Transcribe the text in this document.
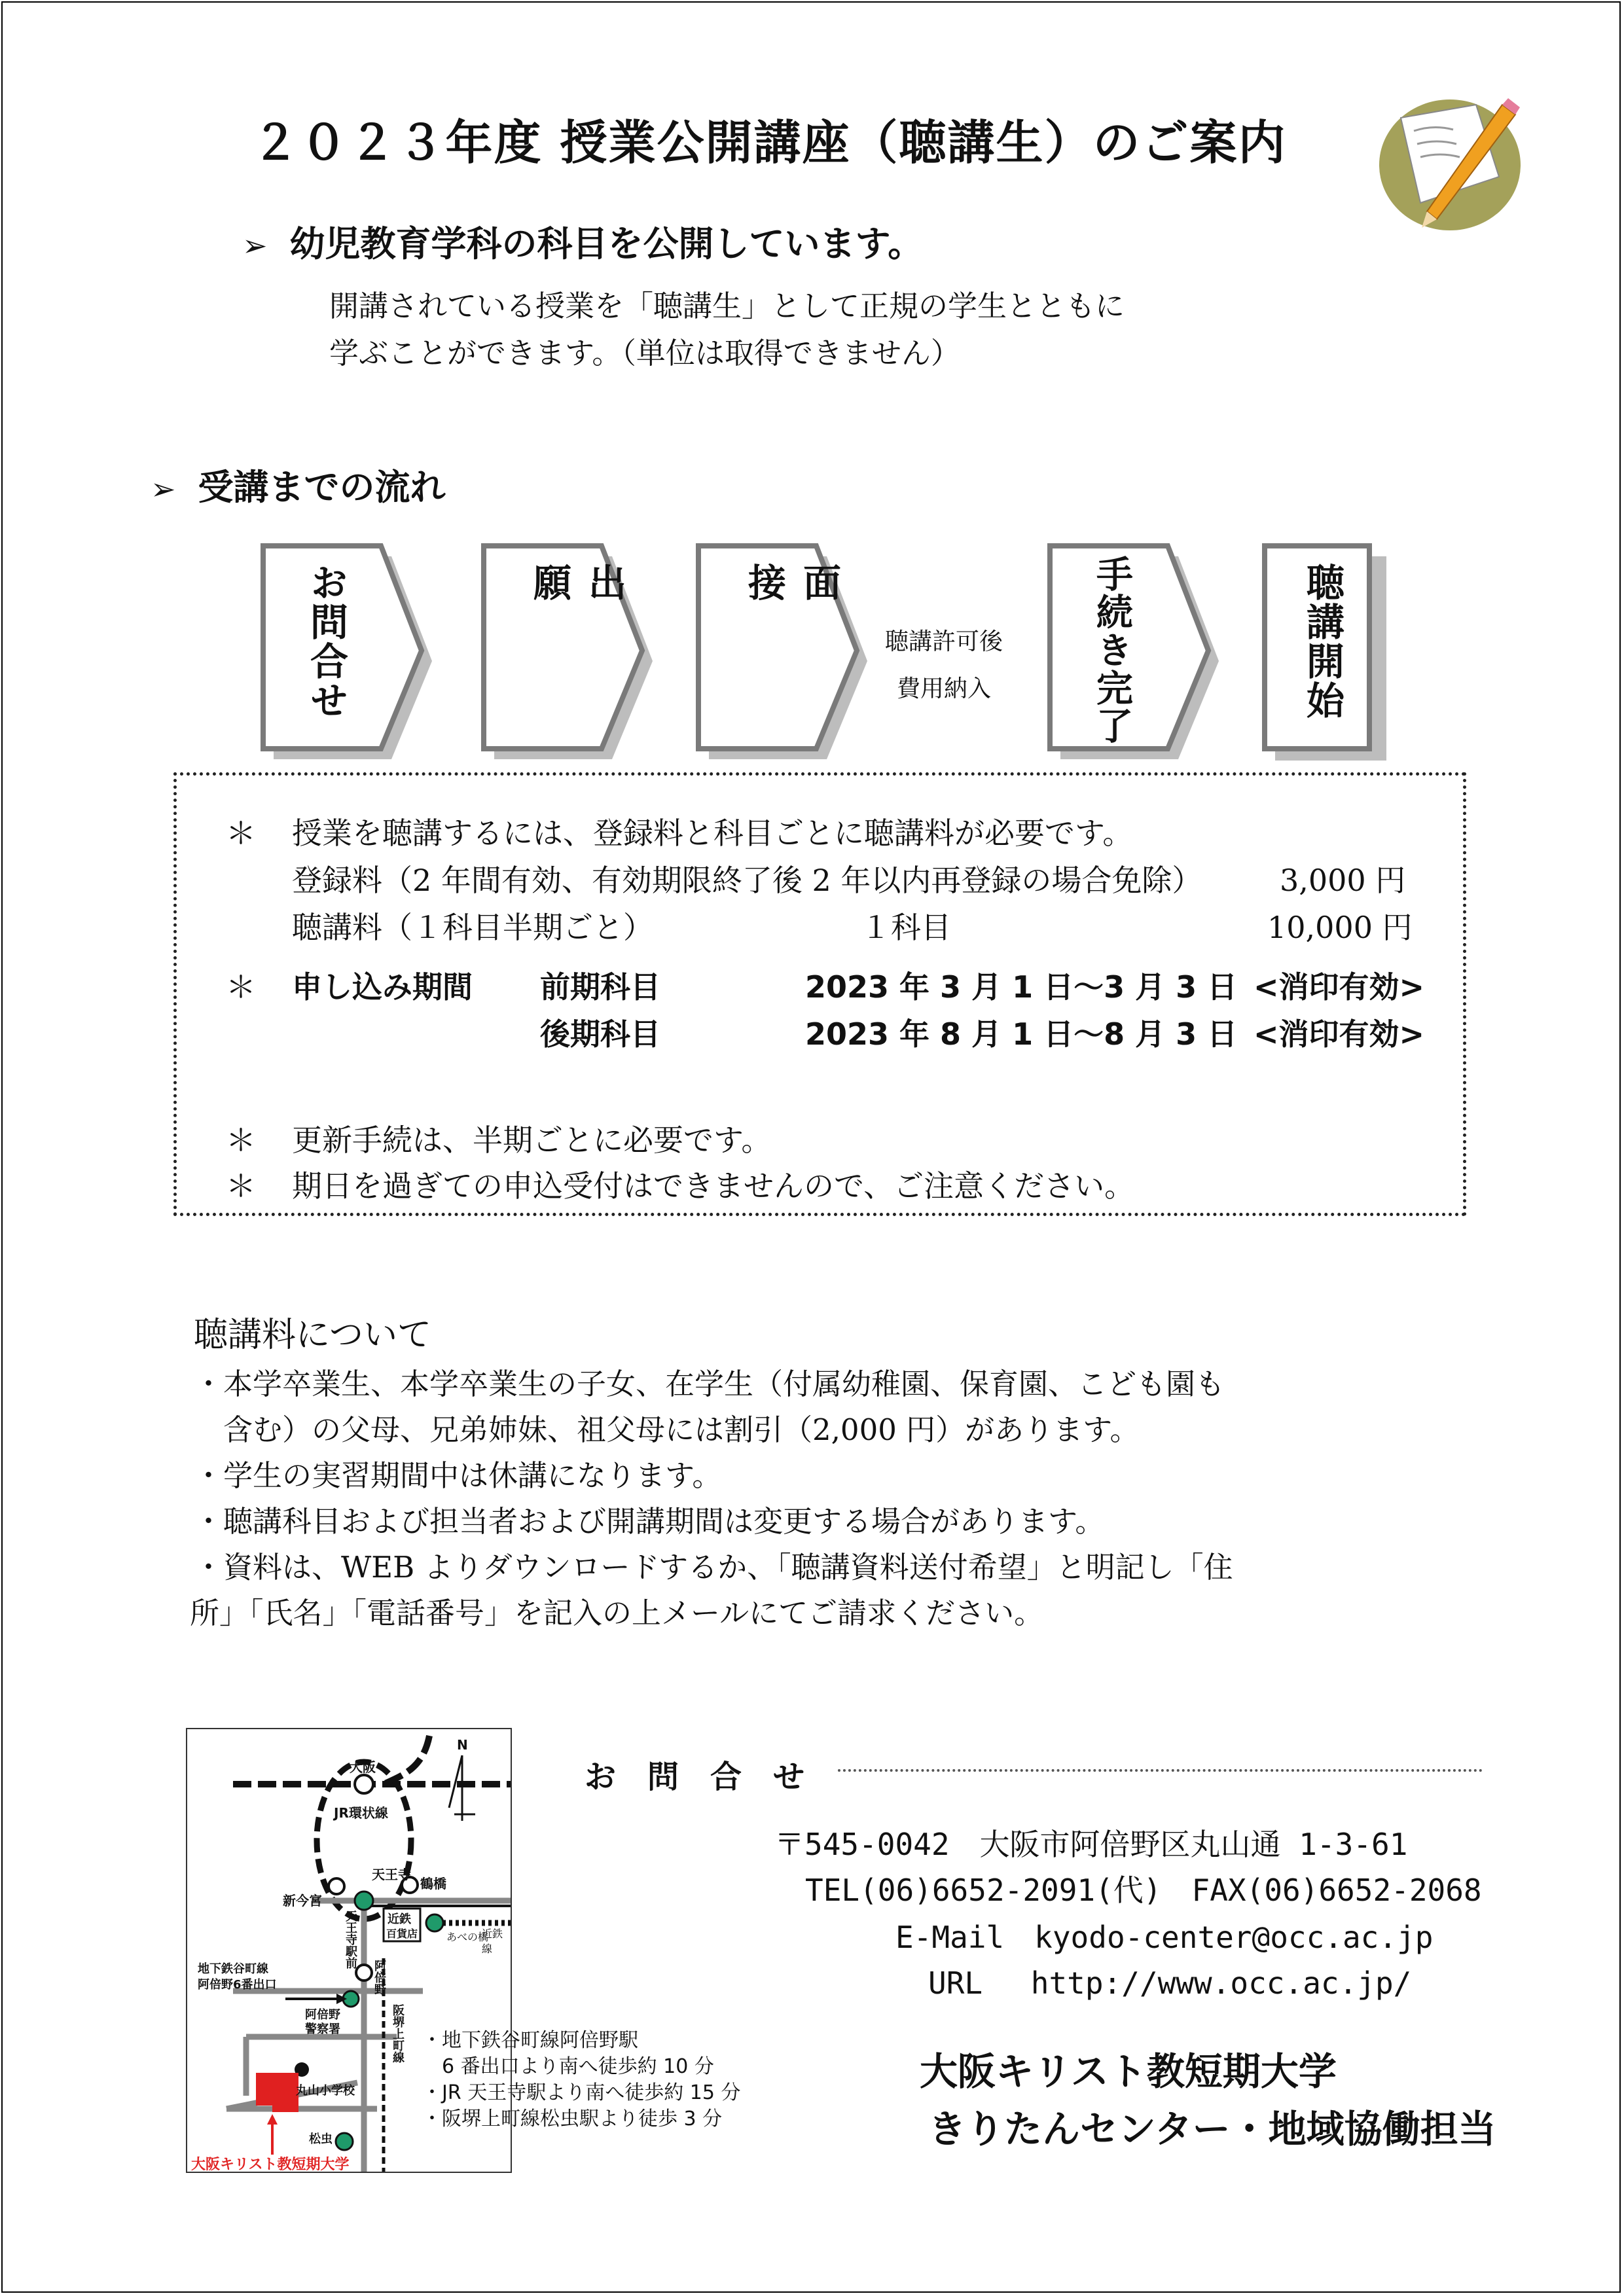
２０２３年度 授業公開講座（聴講生）のご案内
➢ 幼児教育学科の科目を公開しています。
開講されている授業を「聴講生」として正規の学生とともに
学ぶことができます。（単位は取得できません）
➢ 受講までの流れ
お問合せ	出　願	面　接
聴講許可後
費用納入	手続き完了	聴講開始
＊ 授業を聴講するには、登録料と科目ごとに聴講料が必要です。
登録料（2 年間有効、有効期限終了後 2 年以内再登録の場合免除）	3,000 円
聴講料（１科目半期ごと）	１科目	10,000 円
＊ 申し込み期間 前期科目	2023 年 3 月 1 日～3 月 3 日 <消印有効>
後期科目	2023 年 8 月 1 日～8 月 3 日 <消印有効>
＊ 更新手続は、半期ごとに必要です。
＊ 期日を過ぎての申込受付はできませんので、ご注意ください。
聴講料について
・本学卒業生、本学卒業生の子女、在学生（付属幼稚園、保育園、こども園も
　含む）の父母、兄弟姉妹、祖父母には割引（2,000 円）があります。
・学生の実習期間中は休講になります。
・聴講科目および担当者および開講期間は変更する場合があります。
・資料は、WEB よりダウンロードするか、「聴講資料送付希望」と明記し「住
所」「氏名」「電話番号」を記入の上メールにてご請求ください。
大阪
JR環状線
鶴橋
天王寺
新今宮
近鉄
百貨店	あべの橋
近鉄線
天王寺駅前
阿倍野
阪堺上町線
地下鉄谷町線
阿倍野6番出口
阿倍野警察署
丸山小学校
松虫
N
大阪キリスト教短期大学
・地下鉄谷町線阿倍野駅
　6 番出口より南へ徒歩約 10 分
・JR 天王寺駅より南へ徒歩約 15 分
・阪堺上町線松虫駅より徒歩 3 分
お　問　合　せ
〒545-0042　大阪市阿倍野区丸山通 1-3-61
TEL(06)6652-2091(代)　FAX(06)6652-2068
E-Mail　kyodo-center@occ.ac.jp
URL　 http://www.occ.ac.jp/
大阪キリスト教短期大学
きりたんセンター・地域協働担当
